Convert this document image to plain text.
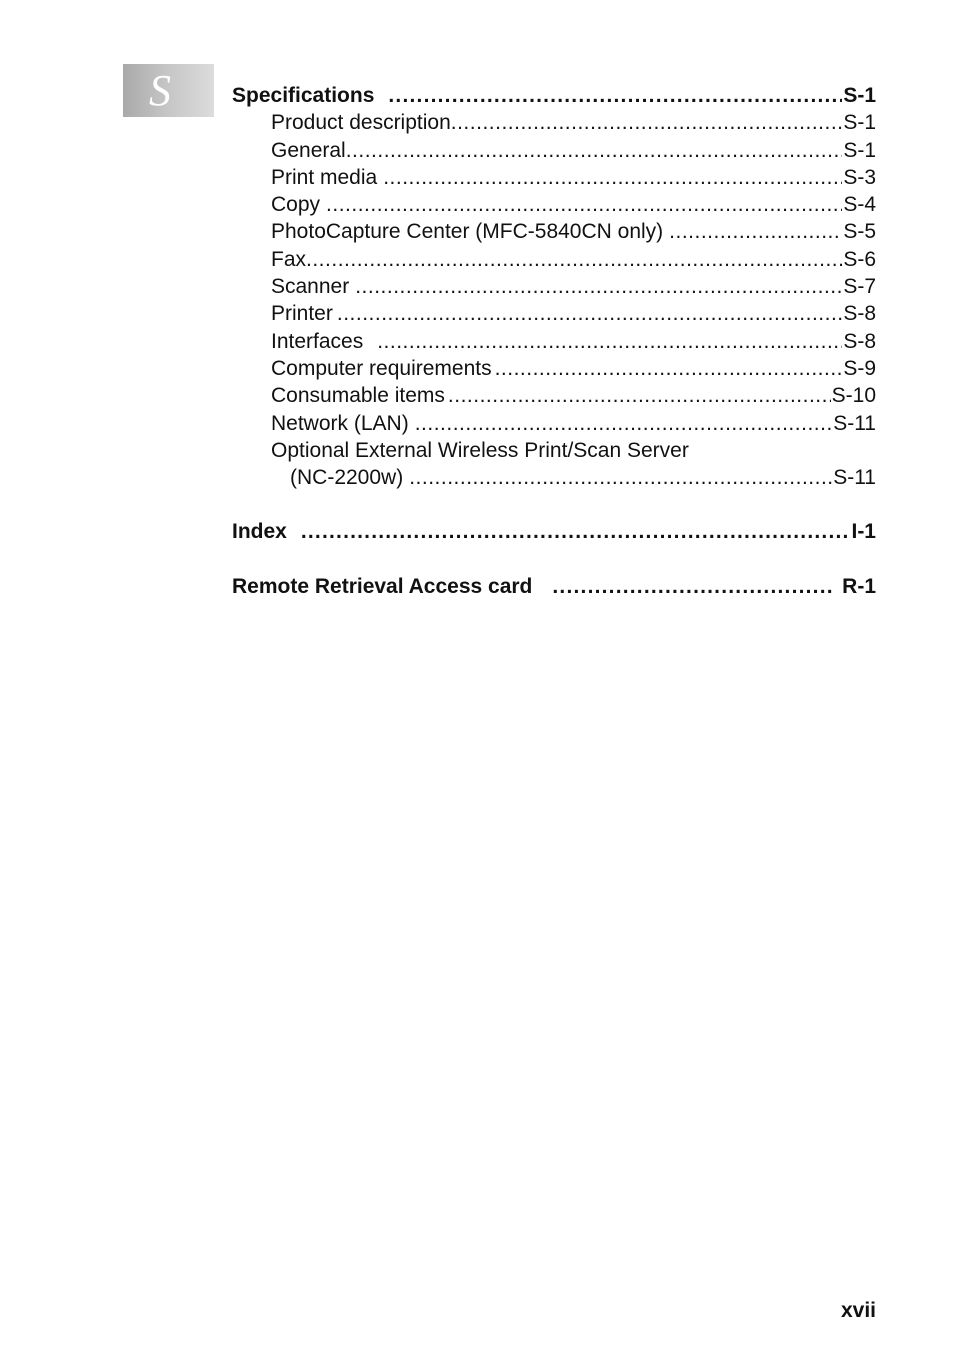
S	Specifications .....	S-1
Product description .....	S-1
General .....	S-1
Print media .....	S-3
Copy .....	S-4
PhotoCapture Center (MFC-5840CN only) .....	S-5
Fax .....	S-6
Scanner .....	S-7
Printer .....	S-8
Interfaces .....	S-8
Computer requirements .....	S-9
Consumable items .....	S-10
Network (LAN) .....	S-11
Optional External Wireless Print/Scan Server
(NC-2200w) .....	S-11
Index .....	I-1
Remote Retrieval Access card .....	R-1
xvii
